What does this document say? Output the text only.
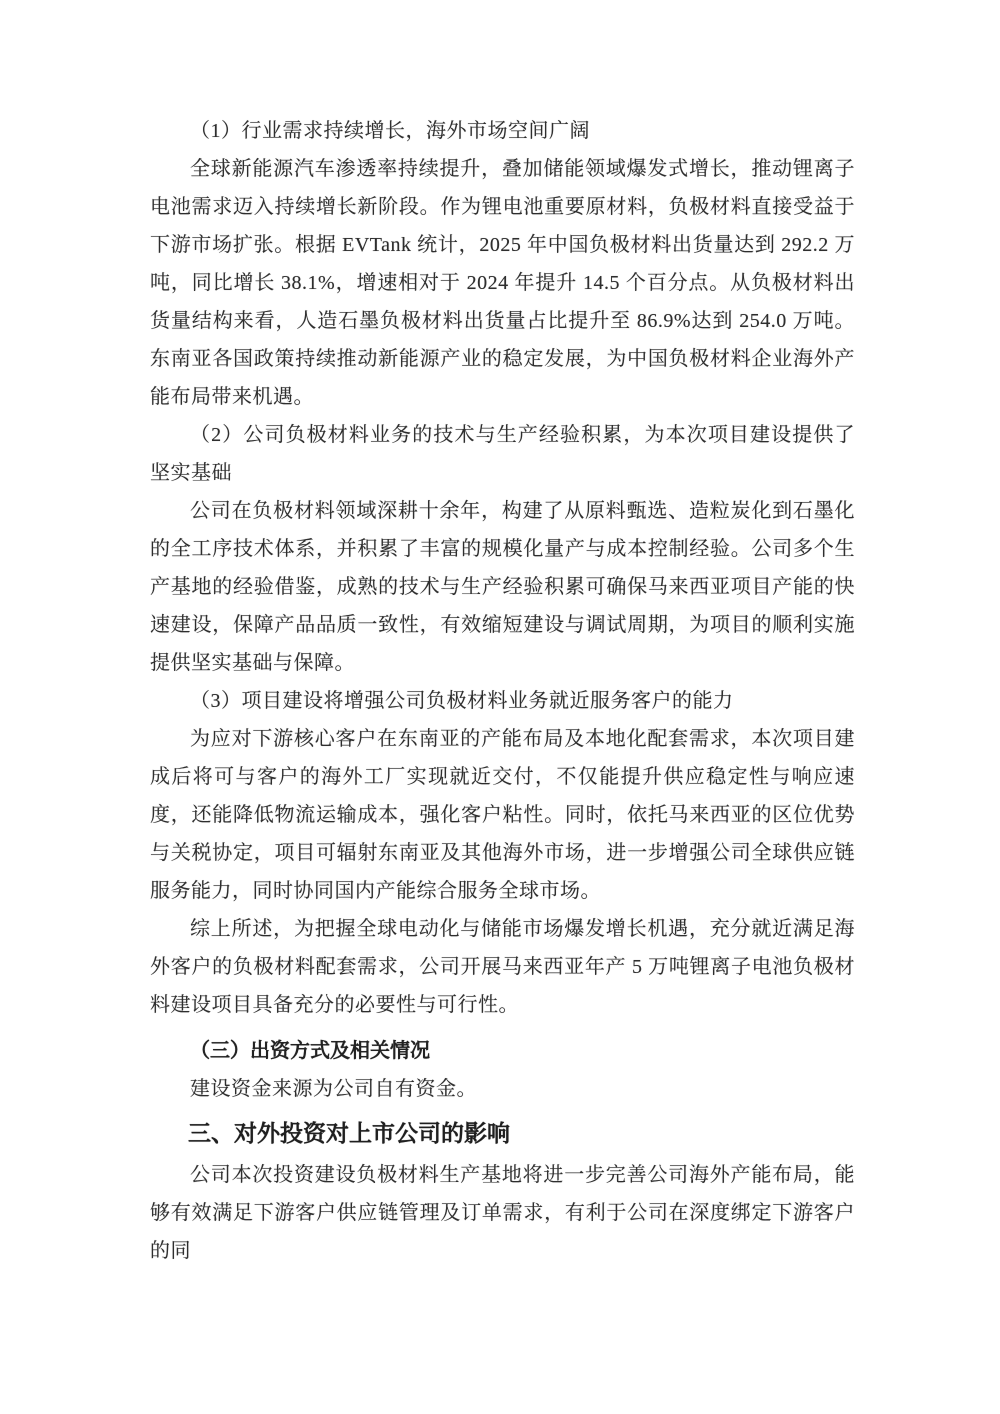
（1）行业需求持续增长，海外市场空间广阔

全球新能源汽车渗透率持续提升，叠加储能领域爆发式增长，推动锂离子电池需求迈入持续增长新阶段。作为锂电池重要原材料，负极材料直接受益于下游市场扩张。根据 EVTank 统计，2025 年中国负极材料出货量达到 292.2 万吨，同比增长 38.1%，增速相对于 2024 年提升 14.5 个百分点。从负极材料出货量结构来看，人造石墨负极材料出货量占比提升至 86.9%达到 254.0 万吨。东南亚各国政策持续推动新能源产业的稳定发展，为中国负极材料企业海外产能布局带来机遇。

（2）公司负极材料业务的技术与生产经验积累，为本次项目建设提供了坚实基础

公司在负极材料领域深耕十余年，构建了从原料甄选、造粒炭化到石墨化的全工序技术体系，并积累了丰富的规模化量产与成本控制经验。公司多个生产基地的经验借鉴，成熟的技术与生产经验积累可确保马来西亚项目产能的快速建设，保障产品品质一致性，有效缩短建设与调试周期，为项目的顺利实施提供坚实基础与保障。

（3）项目建设将增强公司负极材料业务就近服务客户的能力

为应对下游核心客户在东南亚的产能布局及本地化配套需求，本次项目建成后将可与客户的海外工厂实现就近交付，不仅能提升供应稳定性与响应速度，还能降低物流运输成本，强化客户粘性。同时，依托马来西亚的区位优势与关税协定，项目可辐射东南亚及其他海外市场，进一步增强公司全球供应链服务能力，同时协同国内产能综合服务全球市场。

综上所述，为把握全球电动化与储能市场爆发增长机遇，充分就近满足海外客户的负极材料配套需求，公司开展马来西亚年产 5 万吨锂离子电池负极材料建设项目具备充分的必要性与可行性。

（三）出资方式及相关情况

建设资金来源为公司自有资金。

三、对外投资对上市公司的影响

公司本次投资建设负极材料生产基地将进一步完善公司海外产能布局，能够有效满足下游客户供应链管理及订单需求，有利于公司在深度绑定下游客户的同
